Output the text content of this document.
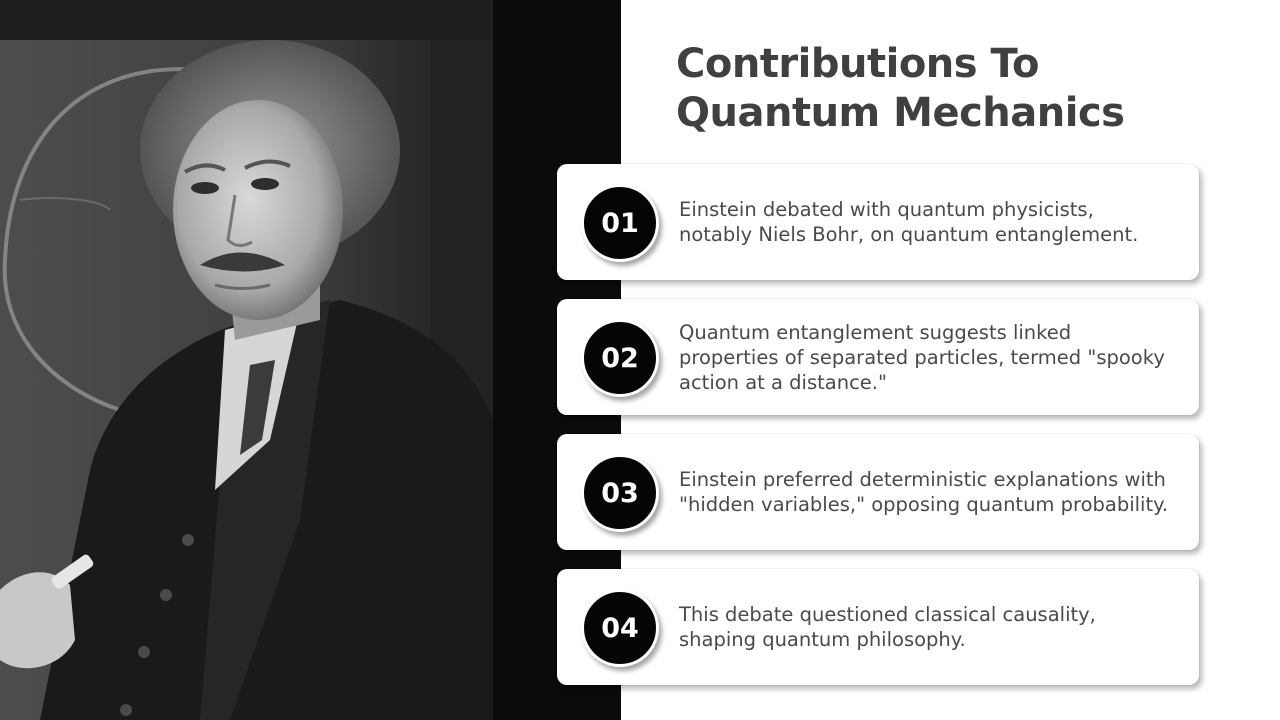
Contributions To
Quantum Mechanics
01	Einstein debated with quantum physicists, notably Niels Bohr, on quantum entanglement.
02
Quantum entanglement suggests linked properties of separated particles, termed "spooky action at a distance."
03	Einstein preferred deterministic explanations with "hidden variables," opposing quantum probability.
04	This debate questioned classical causality, shaping quantum philosophy.
